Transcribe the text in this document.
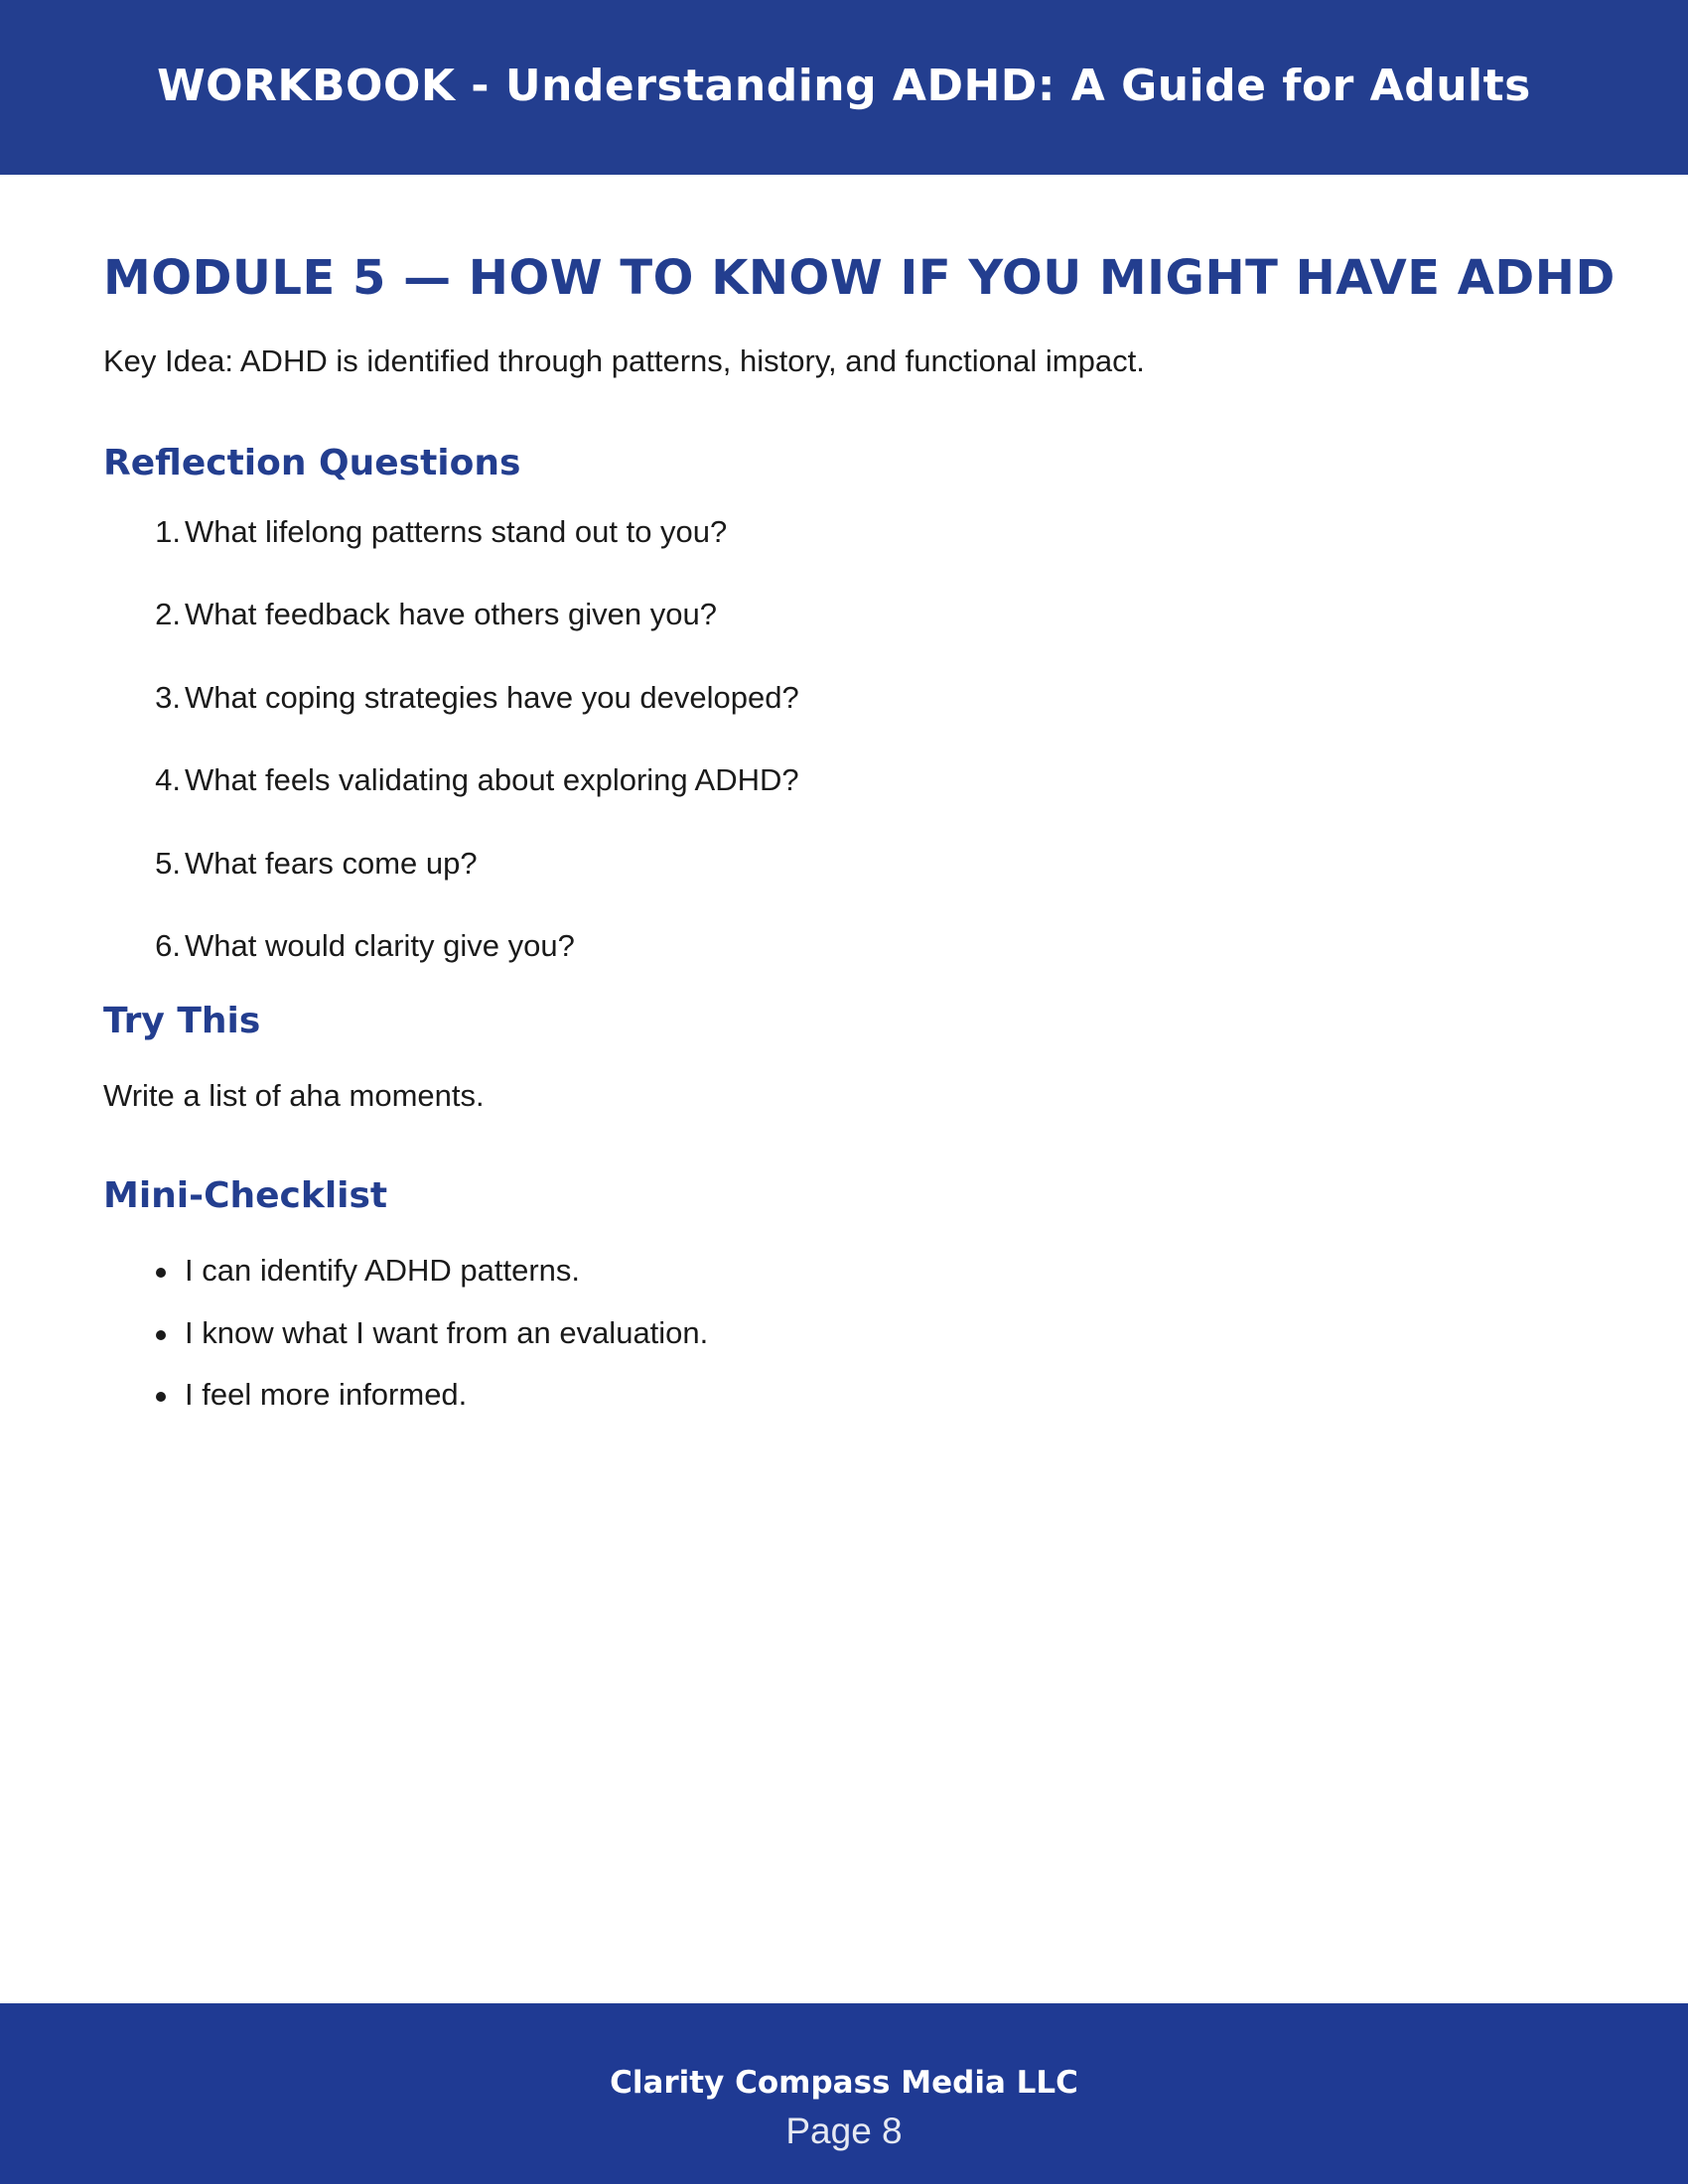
WORKBOOK - Understanding ADHD: A Guide for Adults
MODULE 5 — HOW TO KNOW IF YOU MIGHT HAVE ADHD

Key Idea: ADHD is identified through patterns, history, and functional impact.

Reflection Questions
1. What lifelong patterns stand out to you?
2. What feedback have others given you?
3. What coping strategies have you developed?
4. What feels validating about exploring ADHD?
5. What fears come up?
6. What would clarity give you?
Try This

Write a list of aha moments.

Mini-Checklist
I can identify ADHD patterns.
I know what I want from an evaluation.
I feel more informed.
Clarity Compass Media LLC
Page 8
